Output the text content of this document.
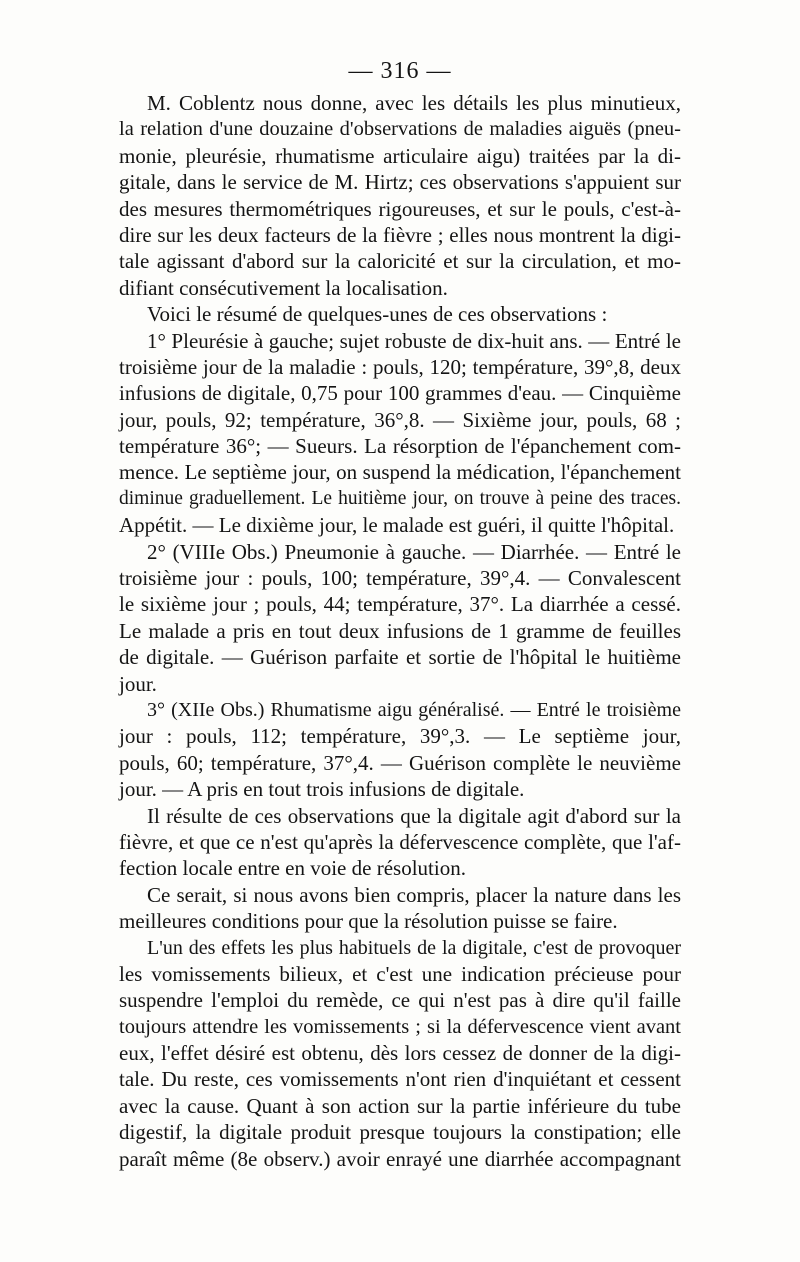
— 316 —
M. Coblentz nous donne, avec les détails les plus minutieux,
la relation d'une douzaine d'observations de maladies aiguës (pneu-
monie, pleurésie, rhumatisme articulaire aigu) traitées par la di-
gitale, dans le service de M. Hirtz; ces observations s'appuient sur
des mesures thermométriques rigoureuses, et sur le pouls, c'est-à-
dire sur les deux facteurs de la fièvre ; elles nous montrent la digi-
tale agissant d'abord sur la caloricité et sur la circulation, et mo-
difiant consécutivement la localisation.
Voici le résumé de quelques-unes de ces observations :
1° Pleurésie à gauche; sujet robuste de dix-huit ans. — Entré le
troisième jour de la maladie : pouls, 120; température, 39°,8, deux
infusions de digitale, 0,75 pour 100 grammes d'eau. — Cinquième
jour, pouls, 92; température, 36°,8. — Sixième jour, pouls, 68 ;
température 36°; — Sueurs. La résorption de l'épanchement com-
mence. Le septième jour, on suspend la médication, l'épanchement
diminue graduellement. Le huitième jour, on trouve à peine des traces.
Appétit. — Le dixième jour, le malade est guéri, il quitte l'hôpital.
2° (VIIIe Obs.) Pneumonie à gauche. — Diarrhée. — Entré le
troisième jour : pouls, 100; température, 39°,4. — Convalescent
le sixième jour ; pouls, 44; température, 37°. La diarrhée a cessé.
Le malade a pris en tout deux infusions de 1 gramme de feuilles
de digitale. — Guérison parfaite et sortie de l'hôpital le huitième
jour.
3° (XIIe Obs.) Rhumatisme aigu généralisé. — Entré le troisième
jour : pouls, 112; température, 39°,3. — Le septième jour,
pouls, 60; température, 37°,4. — Guérison complète le neuvième
jour. — A pris en tout trois infusions de digitale.
Il résulte de ces observations que la digitale agit d'abord sur la
fièvre, et que ce n'est qu'après la défervescence complète, que l'af-
fection locale entre en voie de résolution.
Ce serait, si nous avons bien compris, placer la nature dans les
meilleures conditions pour que la résolution puisse se faire.
L'un des effets les plus habituels de la digitale, c'est de provoquer
les vomissements bilieux, et c'est une indication précieuse pour
suspendre l'emploi du remède, ce qui n'est pas à dire qu'il faille
toujours attendre les vomissements ; si la défervescence vient avant
eux, l'effet désiré est obtenu, dès lors cessez de donner de la digi-
tale. Du reste, ces vomissements n'ont rien d'inquiétant et cessent
avec la cause. Quant à son action sur la partie inférieure du tube
digestif, la digitale produit presque toujours la constipation; elle
paraît même (8e observ.) avoir enrayé une diarrhée accompagnant
